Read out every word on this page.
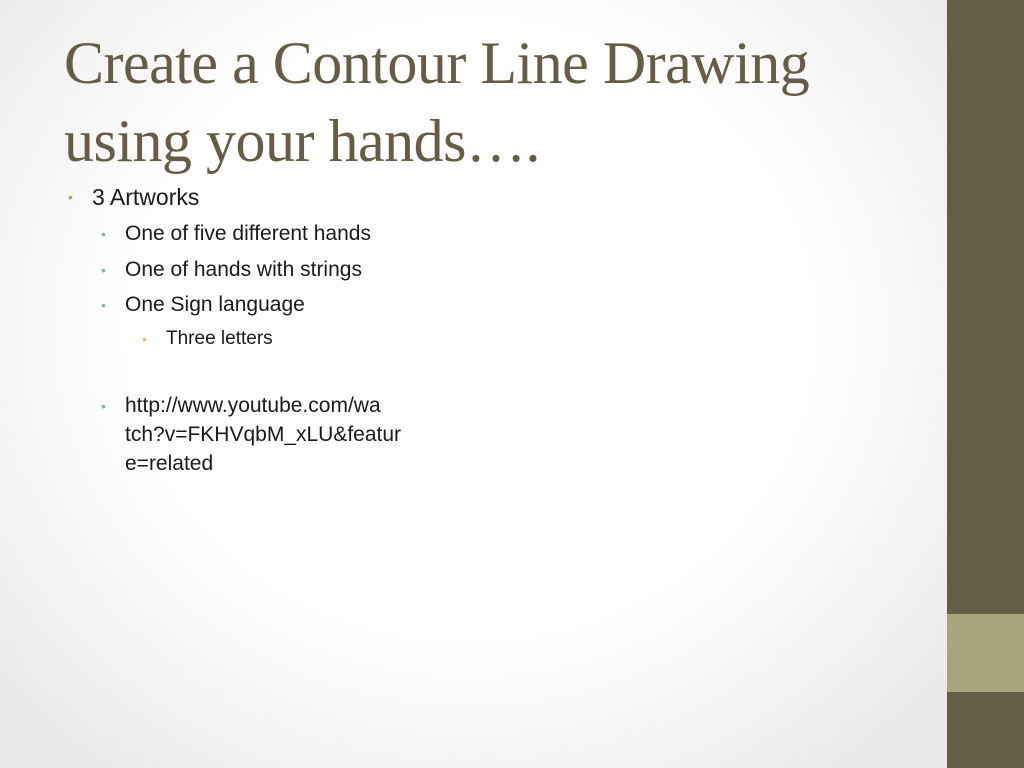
Create a Contour Line Drawing
using your hands….
• 3 Artworks
• One of five different hands
• One of hands with strings
• One Sign language
• Three letters
• http://www.youtube.com/wa
tch?v=FKHVqbM_xLU&featur
e=related
